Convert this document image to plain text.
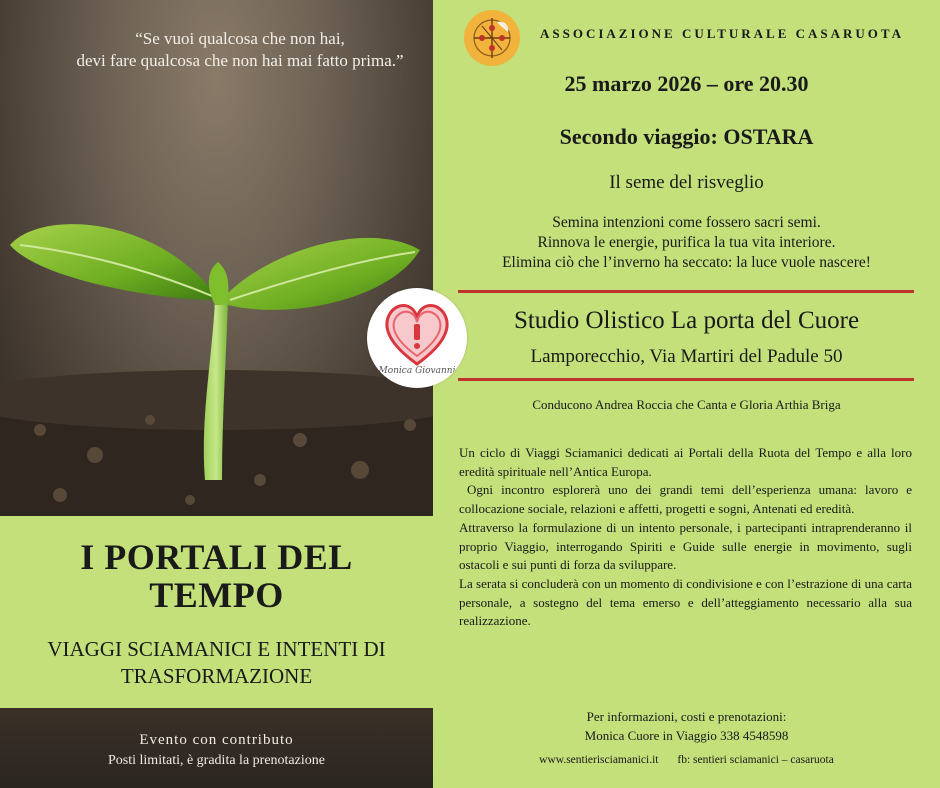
“Se vuoi qualcosa che non hai,
devi fare qualcosa che non hai mai fatto prima.”
I PORTALI DEL
TEMPO
VIAGGI SCIAMANICI E INTENTI DI
TRASFORMAZIONE
Evento con contributo
Posti limitati, è gradita la prenotazione
Monica Giovanni
ASSOCIAZIONE CULTURALE CASARUOTA
25 marzo 2026 – ore 20.30
Secondo viaggio: OSTARA
Il seme del risveglio
Semina intenzioni come fossero sacri semi.
Rinnova le energie, purifica la tua vita interiore.
Elimina ciò che l’inverno ha seccato: la luce vuole nascere!
Studio Olistico La porta del Cuore
Lamporecchio, Via Martiri del Padule 50
Conducono Andrea Roccia che Canta e Gloria Arthia Briga

Un ciclo di Viaggi Sciamanici dedicati ai Portali della Ruota del Tempo e alla loro eredità spirituale nell’Antica Europa.

Ogni incontro esplorerà uno dei grandi temi dell’esperienza umana: lavoro e collocazione sociale, relazioni e affetti, progetti e sogni, Antenati ed eredità.

Attraverso la formulazione di un intento personale, i partecipanti intraprenderanno il proprio Viaggio, interrogando Spiriti e Guide sulle energie in movimento, sugli ostacoli e sui punti di forza da sviluppare.

La serata si concluderà con un momento di condivisione e con l’estrazione di una carta personale, a sostegno del tema emerso e dell’atteggiamento necessario alla sua realizzazione.

Per informazioni, costi e prenotazioni:
Monica Cuore in Viaggio 338 4548598
www.sentierisciamanici.it fb: sentieri sciamanici – casaruota
